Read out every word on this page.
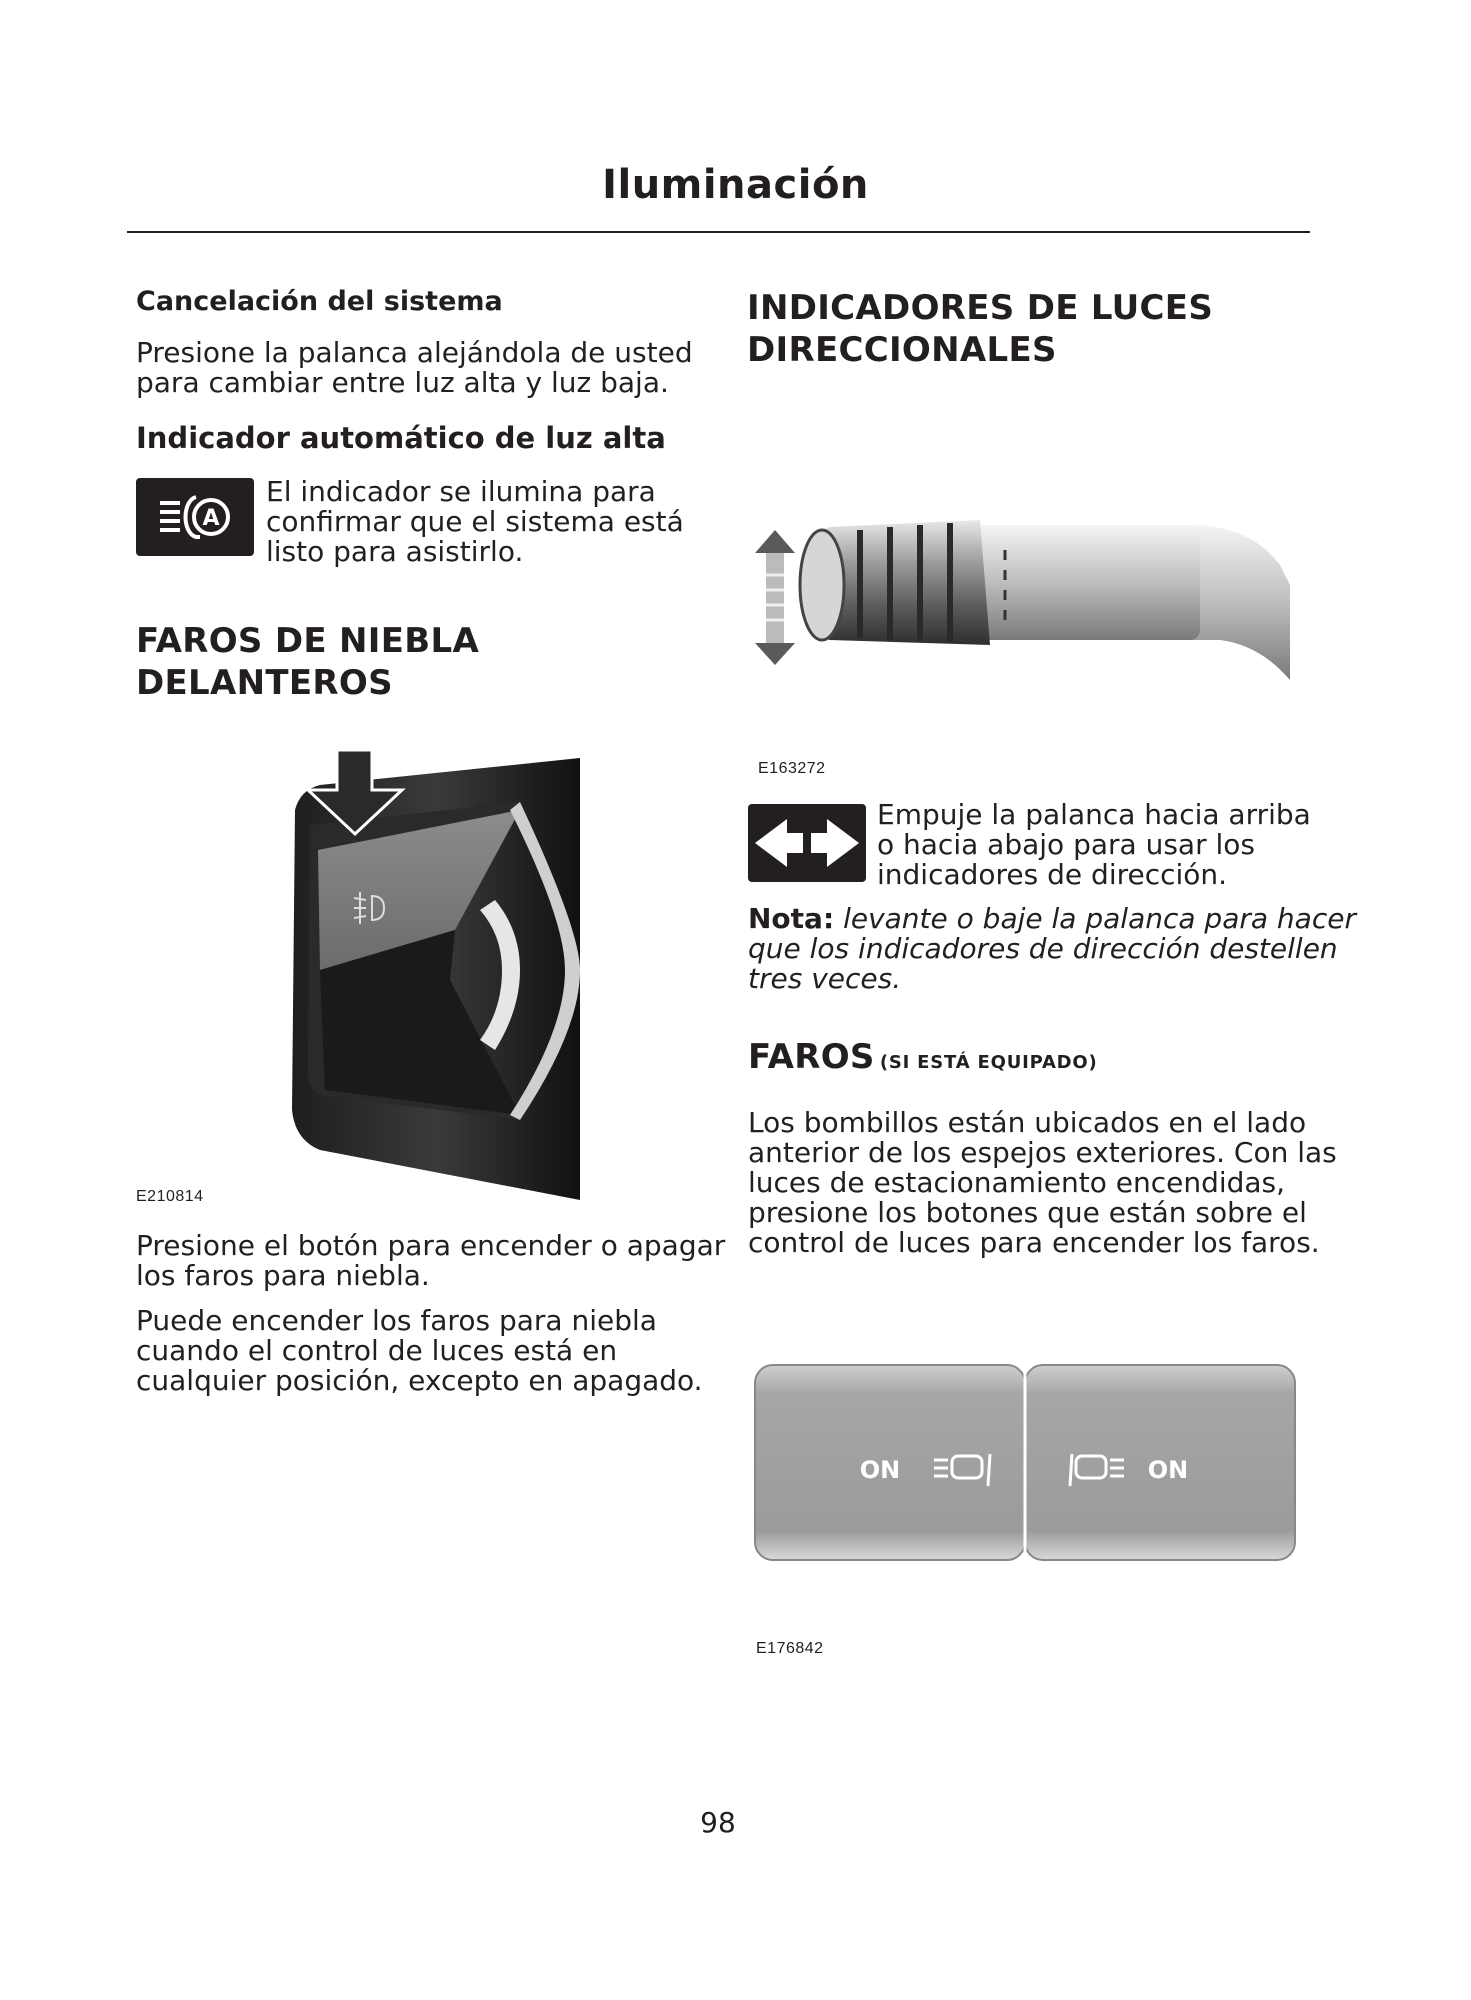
Iluminación
Cancelación del sistema
Presione la palanca alejándola de usted
para cambiar entre luz alta y luz baja.
Indicador automático de luz alta
A
El indicador se ilumina para
confirmar que el sistema está
listo para asistirlo.
FAROS DE NIEBLA
DELANTEROS
E210814
Presione el botón para encender o apagar
los faros para niebla.
Puede encender los faros para niebla
cuando el control de luces está en
cualquier posición, excepto en apagado.
INDICADORES DE LUCES
DIRECCIONALES
E163272
Empuje la palanca hacia arriba
o hacia abajo para usar los
indicadores de dirección.
Nota: levante o baje la palanca para hacer
que los indicadores de dirección destellen
tres veces.
FAROS (SI ESTÁ EQUIPADO)
Los bombillos están ubicados en el lado
anterior de los espejos exteriores. Con las
luces de estacionamiento encendidas,
presione los botones que están sobre el
control de luces para encender los faros.
ON	ON
E176842
98
